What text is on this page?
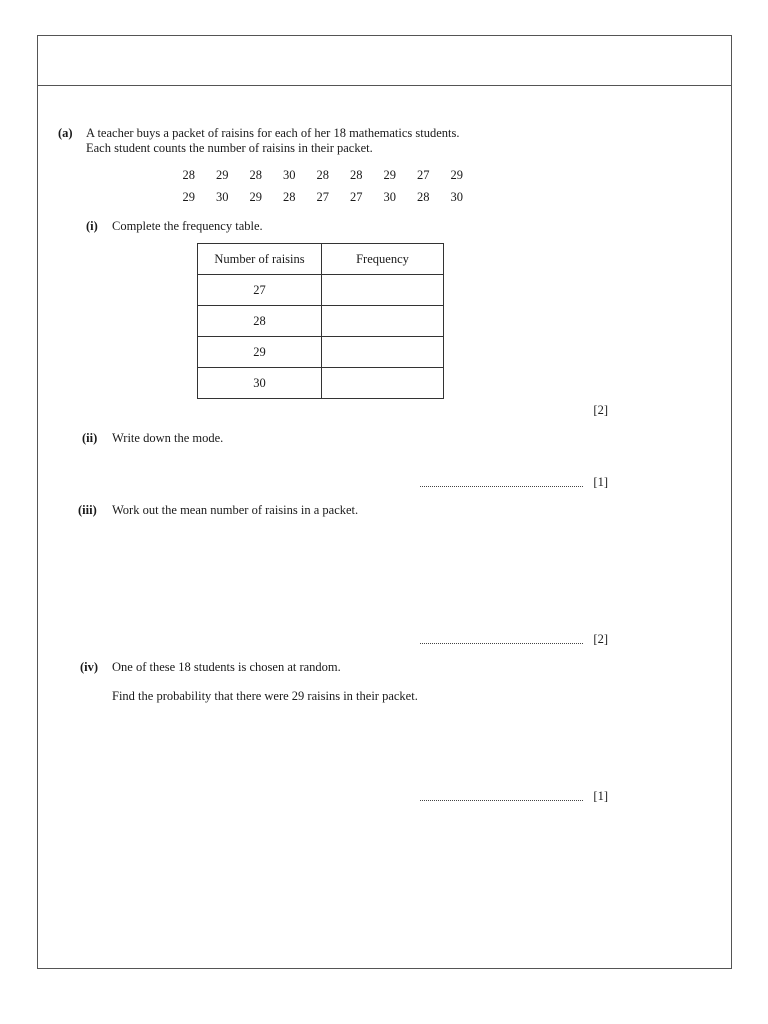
(a) A teacher buys a packet of raisins for each of her 18 mathematics students.
Each student counts the number of raisins in their packet.
28	29	28	30	28	28	29	27	29
29	30	29	28	27	27	30	28	30
(i) Complete the frequency table.
Number of raisins	Frequency
27	
28	
29	
30	
[2]
(ii) Write down the mode.
[1]
(iii) Work out the mean number of raisins in a packet.
[2]
(iv) One of these 18 students is chosen at random.
Find the probability that there were 29 raisins in their packet.
[1]
